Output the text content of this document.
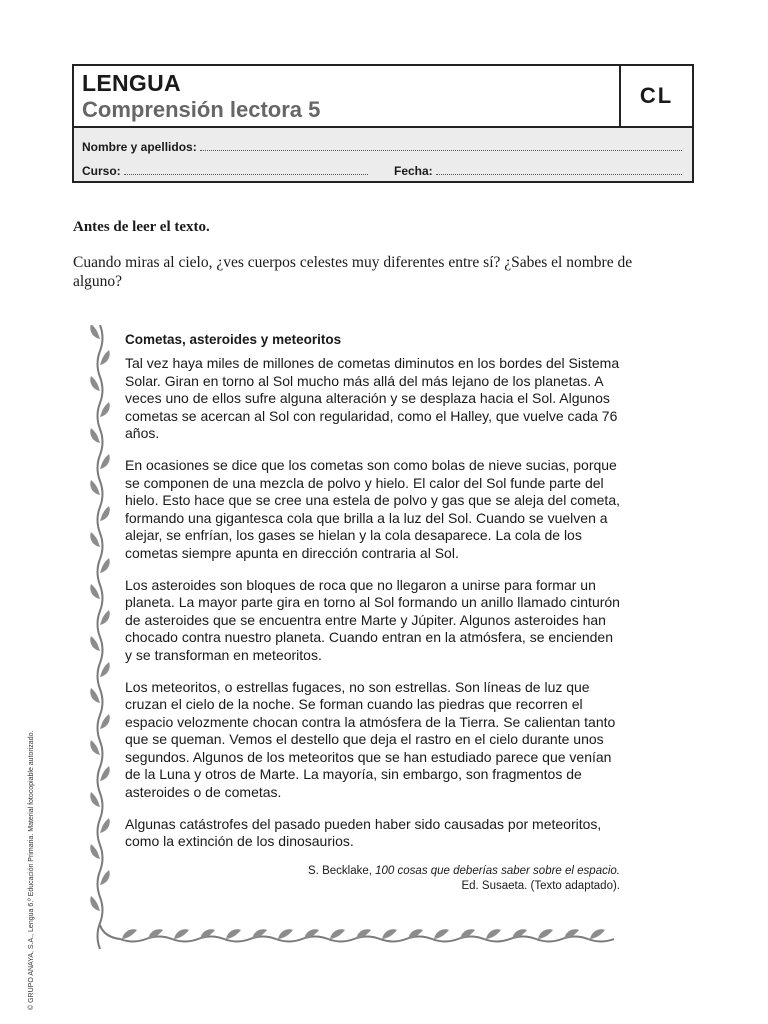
LENGUA
Comprensión lectora 5
CL
Nombre y apellidos:
Curso:	Fecha:
Antes de leer el texto.
Cuando miras al cielo, ¿ves cuerpos celestes muy diferentes entre sí? ¿Sabes el nombre de alguno?
Cometas, asteroides y meteoritos

Tal vez haya miles de millones de cometas diminutos en los bordes del Sistema Solar. Giran en torno al Sol mucho más allá del más lejano de los planetas. A veces uno de ellos sufre alguna alteración y se desplaza hacia el Sol. Algunos cometas se acercan al Sol con regularidad, como el Halley, que vuelve cada 76 años.

En ocasiones se dice que los cometas son como bolas de nieve sucias, porque se componen de una mezcla de polvo y hielo. El calor del Sol funde parte del hielo. Esto hace que se cree una estela de polvo y gas que se aleja del cometa, formando una gigantesca cola que brilla a la luz del Sol. Cuando se vuelven a alejar, se enfrían, los gases se hielan y la cola desaparece. La cola de los cometas siempre apunta en dirección contraria al Sol.

Los asteroides son bloques de roca que no llegaron a unirse para formar un planeta. La mayor parte gira en torno al Sol formando un anillo llamado cinturón de asteroides que se encuentra entre Marte y Júpiter. Algunos asteroides han chocado contra nuestro planeta. Cuando entran en la atmósfera, se encienden y se transforman en meteoritos.

Los meteoritos, o estrellas fugaces, no son estrellas. Son líneas de luz que cruzan el cielo de la noche. Se forman cuando las piedras que recorren el espacio velozmente chocan contra la atmósfera de la Tierra. Se calientan tanto que se queman. Vemos el destello que deja el rastro en el cielo durante unos segundos. Algunos de los meteoritos que se han estudiado parece que venían de la Luna y otros de Marte. La mayoría, sin embargo, son fragmentos de asteroides o de cometas.

Algunas catástrofes del pasado pueden haber sido causadas por meteoritos, como la extinción de los dinosaurios.

S. Becklake, 100 cosas que deberías saber sobre el espacio.
Ed. Susaeta. (Texto adaptado).
© GRUPO ANAYA, S.A., Lengua 6.º Educación Primaria. Material fotocopiable autorizado.
